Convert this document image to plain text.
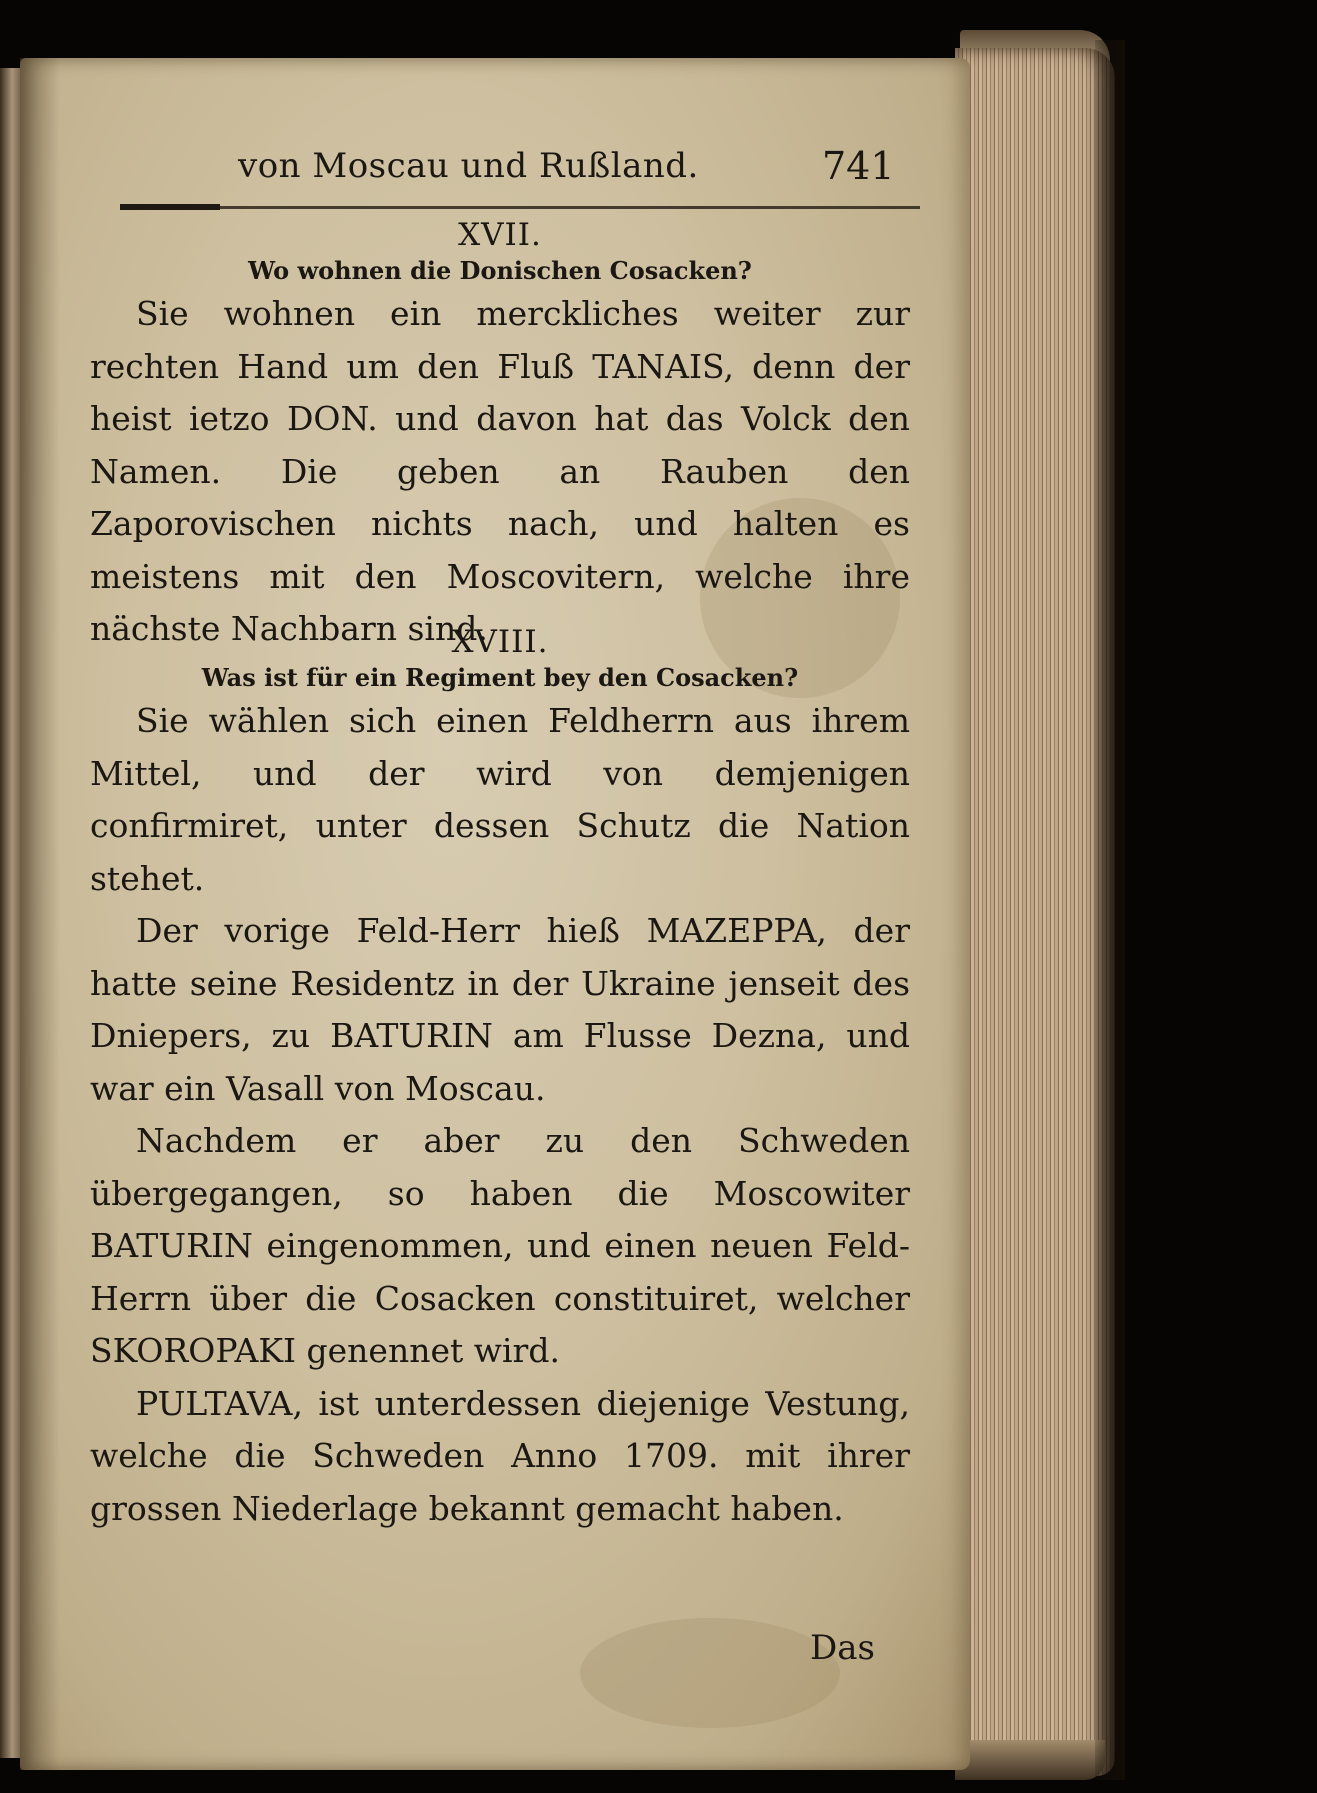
von Moscau und Rußland.	741

XVII.

Wo wohnen die Donischen Cosacken?

Sie wohnen ein merckliches weiter zur rechten Hand um den Fluß TANAIS, denn der heist ietzo DON. und davon hat das Volck den Namen. Die geben an Rauben den Zaporovischen nichts nach, und halten es meistens mit den Moscovitern, welche ihre nächste Nachbarn sind.

XVIII.

Was ist für ein Regiment bey den Cosacken?

Sie wählen sich einen Feldherrn aus ihrem Mittel, und der wird von demjenigen confirmiret, unter dessen Schutz die Nation stehet.

Der vorige Feld-Herr hieß MAZEPPA, der hatte seine Residentz in der Ukraine jenseit des Dniepers, zu BATURIN am Flusse Dezna, und war ein Vasall von Moscau.

Nachdem er aber zu den Schweden übergegangen, so haben die Moscowiter BATURIN eingenommen, und einen neuen Feld-Herrn über die Cosacken constituiret, welcher SKOROPAKI genennet wird.

PULTAVA, ist unterdessen diejenige Vestung, welche die Schweden Anno 1709. mit ihrer grossen Niederlage bekannt gemacht haben.

Das
